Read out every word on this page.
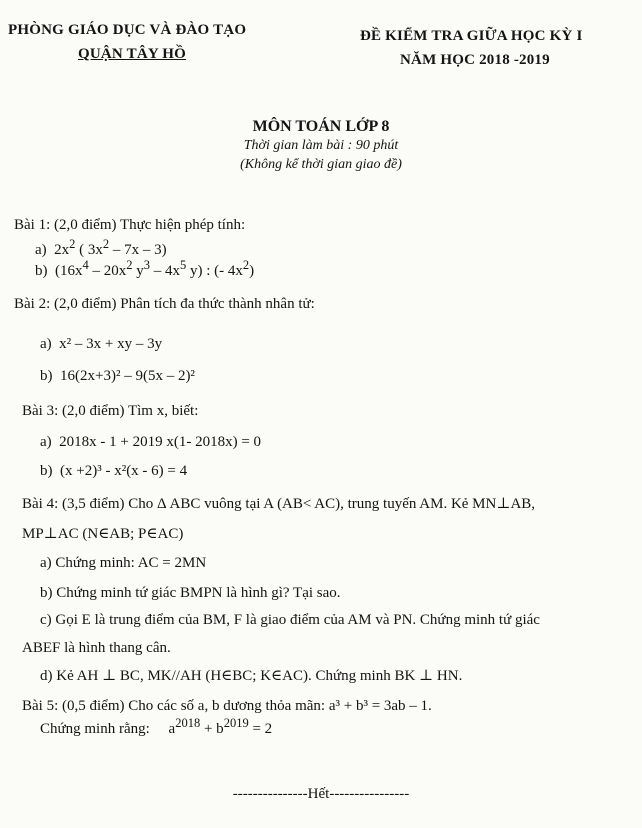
PHÒNG GIÁO DỤC VÀ ĐÀO TẠO
QUẬN TÂY HỒ
ĐỀ KIỂM TRA GIỮA HỌC KỲ I
NĂM HỌC 2018 -2019
MÔN TOÁN LỚP 8
Thời gian làm bài : 90 phút
(Không kể thời gian giao đề)
Bài 1: (2,0 điểm) Thực hiện phép tính:
a)  $2x^2$ ( $3x^2 - 7x - 3$)
b)  ($16x^4 - 20x^2$ $y^3 - 4x^5$ y) : (- $4x^2$)
Bài 2: (2,0 điểm) Phân tích đa thức thành nhân tử:
a) x² – 3x + xy – 3y
b) 16(2x+3)² – 9(5x – 2)²
Bài 3: (2,0 điểm) Tìm x, biết:
a) 2018x - 1 + 2019 x(1- 2018x) = 0
b) (x +2)³ - x²(x - 6) = 4
Bài 4: (3,5 điểm) Cho Δ ABC vuông tại A (AB< AC), trung tuyến AM. Kẻ MN⊥AB,
MP⊥AC (N∈AB; P∈AC)
a) Chứng minh: AC = 2MN
b) Chứng minh tứ giác BMPN là hình gì? Tại sao.
c) Gọi E là trung điểm của BM, F là giao điểm của AM và PN. Chứng minh tứ giác
ABEF là hình thang cân.
d) Kẻ AH ⊥ BC, MK//AH (H∈BC; K∈AC). Chứng minh BK ⊥ HN.
Bài 5: (0,5 điểm) Cho các số a, b dương thỏa mãn: a³ + b³ = 3ab – 1.
Chứng minh rằng: $a^{2018} + b^{2019} = 2$
---------------Hết----------------
